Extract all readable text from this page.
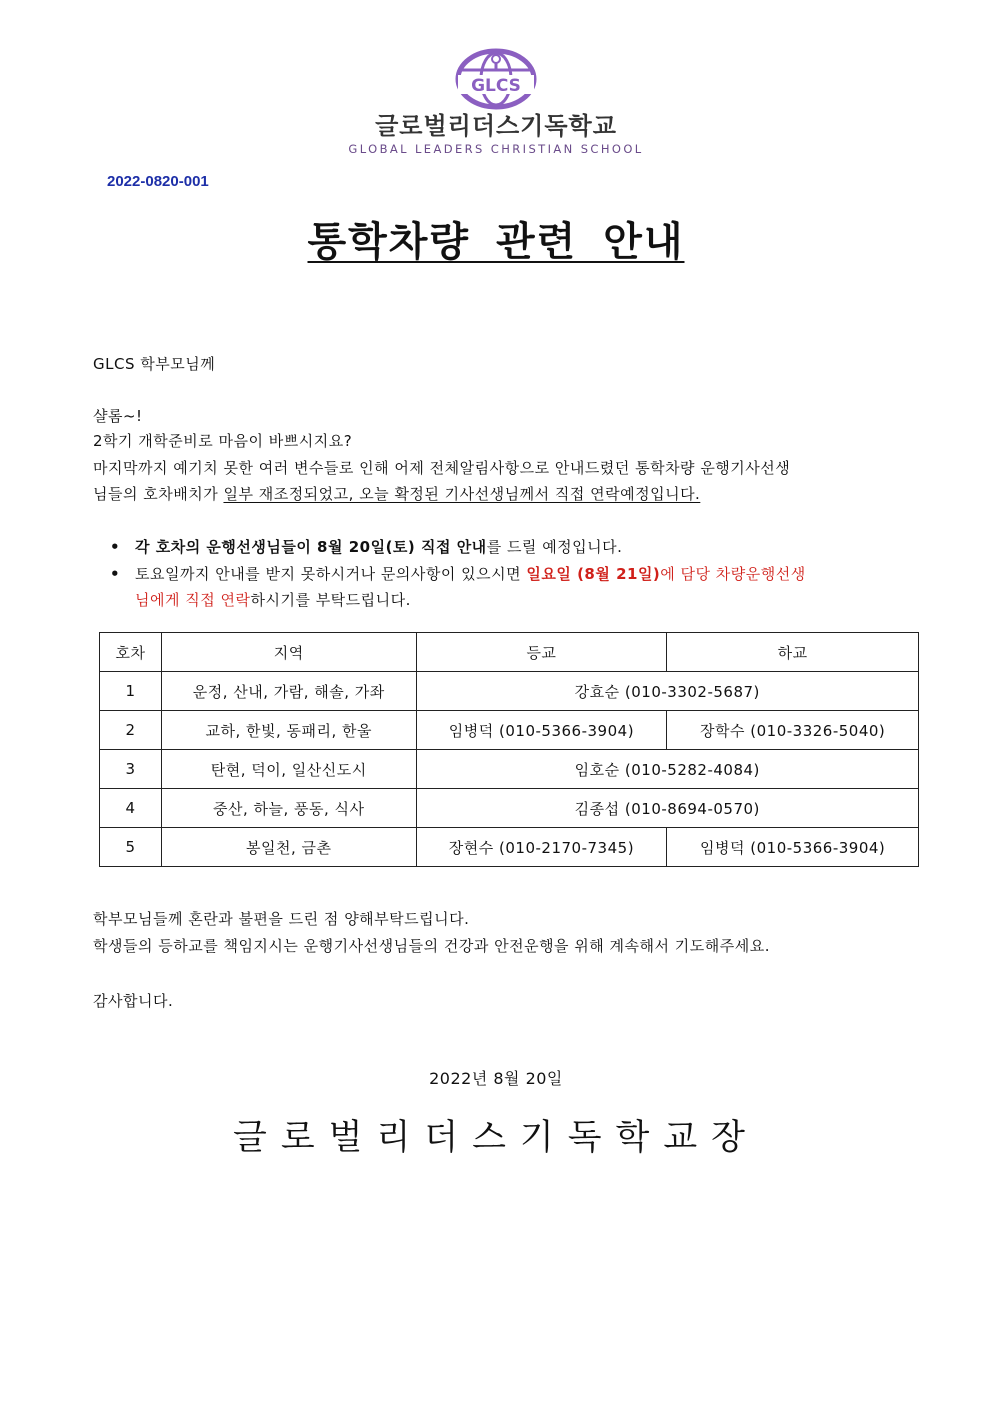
GLCS
글로벌리더스기독학교
GLOBAL LEADERS CHRISTIAN SCHOOL
2022-0820-001
통학차량 관련 안내
GLCS 학부모님께
샬롬~!
2학기 개학준비로 마음이 바쁘시지요?
마지막까지 예기치 못한 여러 변수들로 인해 어제 전체알림사항으로 안내드렸던 통학차량 운행기사선생
님들의 호차배치가 일부 재조정되었고, 오늘 확정된 기사선생님께서 직접 연락예정입니다.
• 각 호차의 운행선생님들이 8월 20일(토) 직접 안내를 드릴 예정입니다.
• 토요일까지 안내를 받지 못하시거나 문의사항이 있으시면 일요일 (8월 21일)에 담당 차량운행선생
님에게 직접 연락하시기를 부탁드립니다.
호차	지역	등교	하교
1	운정, 산내, 가람, 해솔, 가좌	강효순 (010-3302-5687)	
2	교하, 한빛, 동패리, 한울	임병덕 (010-5366-3904)	장학수 (010-3326-5040)
3	탄현, 덕이, 일산신도시	임호순 (010-5282-4084)	
4	중산, 하늘, 풍동, 식사	김종섭 (010-8694-0570)	
5	봉일천, 금촌	장현수 (010-2170-7345)	임병덕 (010-5366-3904)
학부모님들께 혼란과 불편을 드린 점 양해부탁드립니다.
학생들의 등하교를 책임지시는 운행기사선생님들의 건강과 안전운행을 위해 계속해서 기도해주세요.
감사합니다.
2022년 8월 20일
글로벌리더스기독학교장
